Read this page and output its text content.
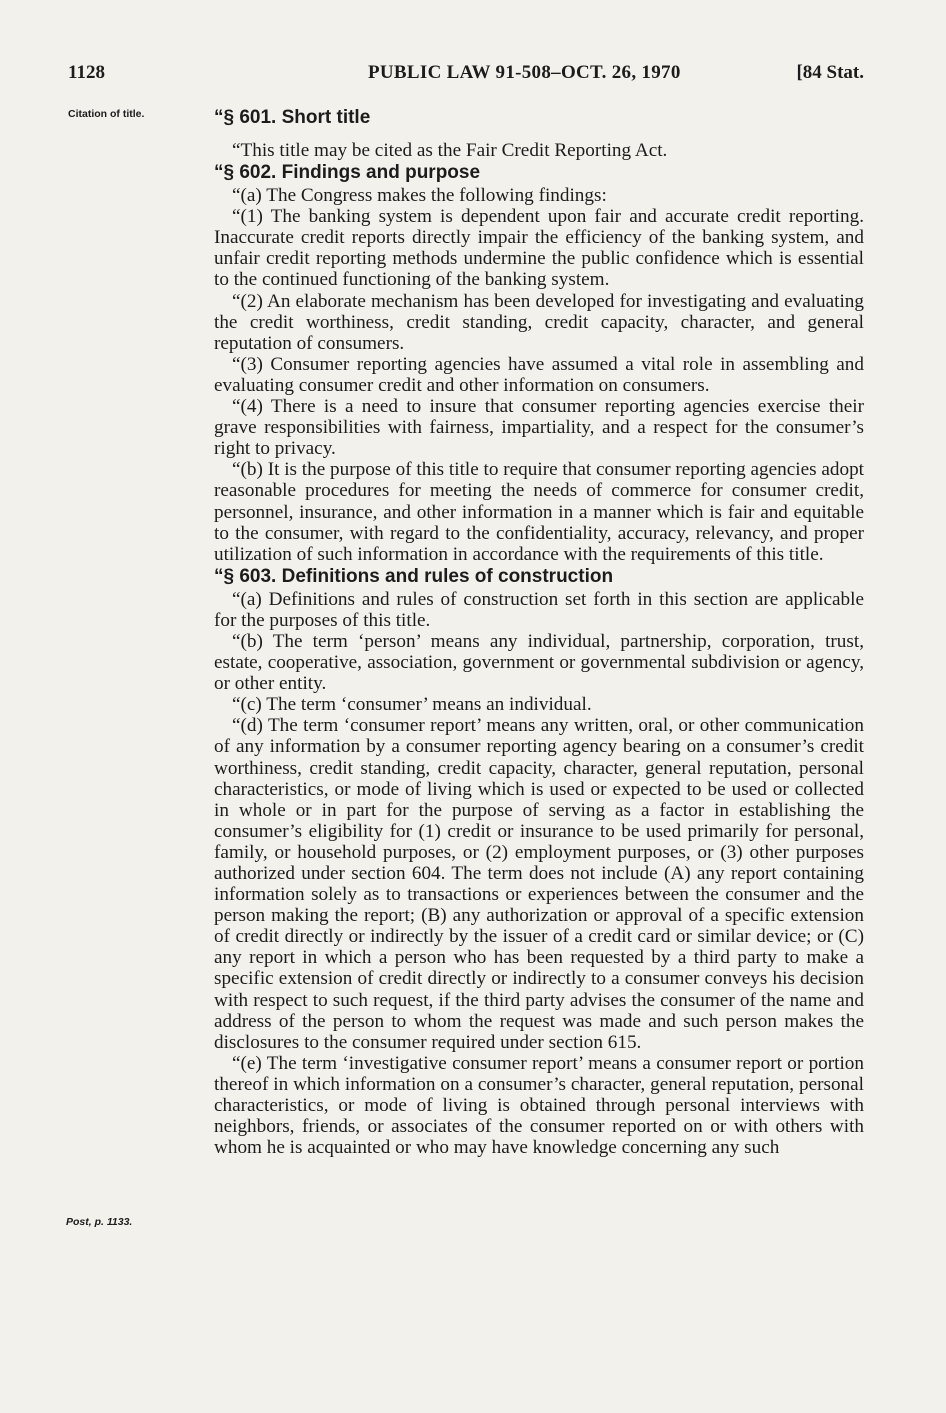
1128	PUBLIC LAW 91-508–OCT. 26, 1970	[84 Stat.
Citation of title.
Post, p. 1133.

“§ 601. Short title

“This title may be cited as the Fair Credit Reporting Act.

“§ 602. Findings and purpose

“(a) The Congress makes the following findings:

“(1) The banking system is dependent upon fair and accurate credit reporting. Inaccurate credit reports directly impair the efficiency of the banking system, and unfair credit reporting methods undermine the public confidence which is essential to the continued functioning of the banking system.

“(2) An elaborate mechanism has been developed for investigating and evaluating the credit worthiness, credit standing, credit capacity, character, and general reputation of consumers.

“(3) Consumer reporting agencies have assumed a vital role in assembling and evaluating consumer credit and other information on consumers.

“(4) There is a need to insure that consumer reporting agencies exercise their grave responsibilities with fairness, impartiality, and a respect for the consumer’s right to privacy.

“(b) It is the purpose of this title to require that consumer reporting agencies adopt reasonable procedures for meeting the needs of commerce for consumer credit, personnel, insurance, and other information in a manner which is fair and equitable to the consumer, with regard to the confidentiality, accuracy, relevancy, and proper utilization of such information in accordance with the requirements of this title.

“§ 603. Definitions and rules of construction

“(a) Definitions and rules of construction set forth in this section are applicable for the purposes of this title.

“(b) The term ‘person’ means any individual, partnership, corporation, trust, estate, cooperative, association, government or governmental subdivision or agency, or other entity.

“(c) The term ‘consumer’ means an individual.

“(d) The term ‘consumer report’ means any written, oral, or other communication of any information by a consumer reporting agency bearing on a consumer’s credit worthiness, credit standing, credit capacity, character, general reputation, personal characteristics, or mode of living which is used or expected to be used or collected in whole or in part for the purpose of serving as a factor in establishing the consumer’s eligibility for (1) credit or insurance to be used primarily for personal, family, or household purposes, or (2) employment purposes, or (3) other purposes authorized under section 604. The term does not include (A) any report containing information solely as to transactions or experiences between the consumer and the person making the report; (B) any authorization or approval of a specific extension of credit directly or indirectly by the issuer of a credit card or similar device; or (C) any report in which a person who has been requested by a third party to make a specific extension of credit directly or indirectly to a consumer conveys his decision with respect to such request, if the third party advises the consumer of the name and address of the person to whom the request was made and such person makes the disclosures to the consumer required under section 615.

“(e) The term ‘investigative consumer report’ means a consumer report or portion thereof in which information on a consumer’s character, general reputation, personal characteristics, or mode of living is obtained through personal interviews with neighbors, friends, or associates of the consumer reported on or with others with whom he is acquainted or who may have knowledge concerning any such
